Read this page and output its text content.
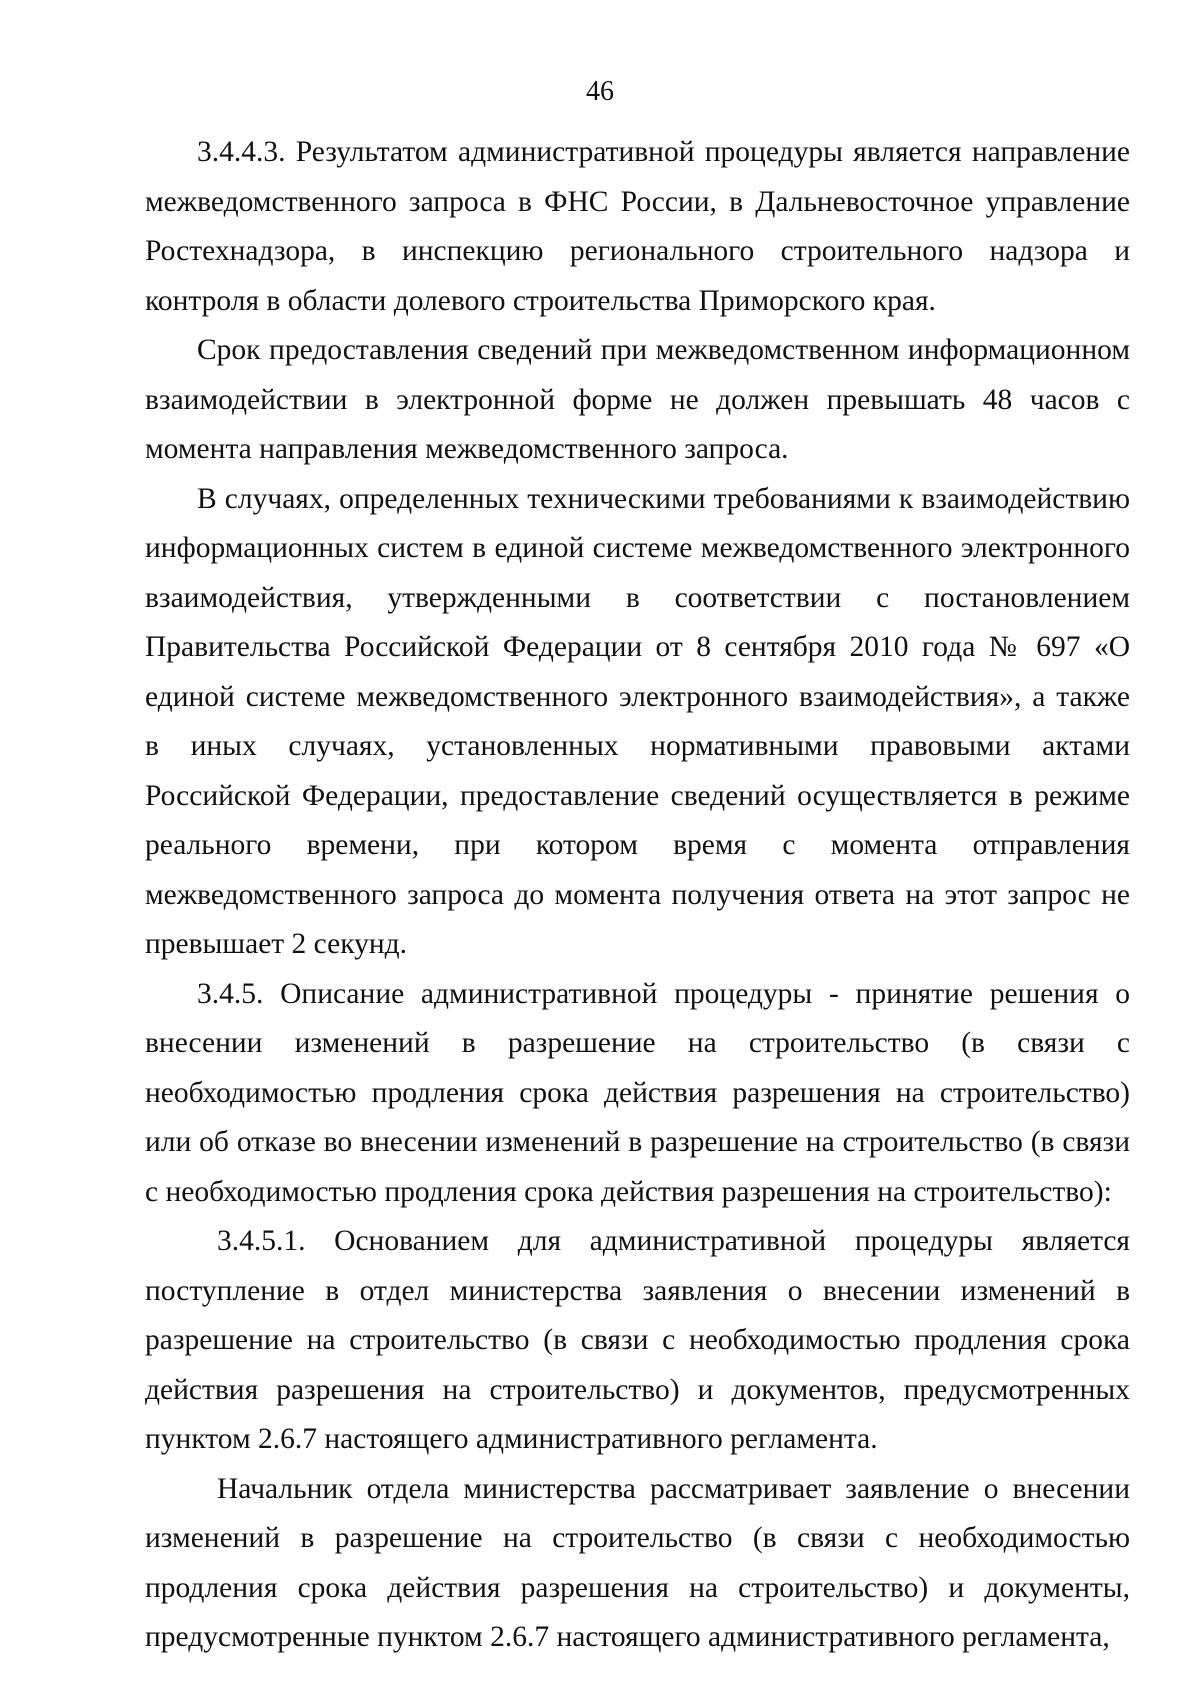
46

3.4.4.3. Результатом административной процедуры является направление межведомственного запроса в ФНС России, в Дальневосточное управление Ростехнадзора, в инспекцию регионального строительного надзора и контроля в области долевого строительства Приморского края.

Срок предоставления сведений при межведомственном информационном взаимодействии в электронной форме не должен превышать 48 часов с момента направления межведомственного запроса.

В случаях, определенных техническими требованиями к взаимодействию информационных систем в единой системе межведомственного электронного взаимодействия, утвержденными в соответствии с постановлением Правительства Российской Федерации от 8 сентября 2010 года № 697 «О единой системе межведомственного электронного взаимодействия», а также в иных случаях, установленных нормативными правовыми актами Российской Федерации, предоставление сведений осуществляется в режиме реального времени, при котором время с момента отправления межведомственного запроса до момента получения ответа на этот запрос не превышает 2 секунд.

3.4.5. Описание административной процедуры - принятие решения о внесении изменений в разрешение на строительство (в связи с необходимостью продления срока действия разрешения на строительство) или об отказе во внесении изменений в разрешение на строительство (в связи с необходимостью продления срока действия разрешения на строительство):

3.4.5.1. Основанием для административной процедуры является поступление в отдел министерства заявления о внесении изменений в разрешение на строительство (в связи с необходимостью продления срока действия разрешения на строительство) и документов, предусмотренных пунктом 2.6.7 настоящего административного регламента.

Начальник отдела министерства рассматривает заявление о внесении изменений в разрешение на строительство (в связи с необходимостью продления срока действия разрешения на строительство) и документы, предусмотренные пунктом 2.6.7 настоящего административного регламента,
